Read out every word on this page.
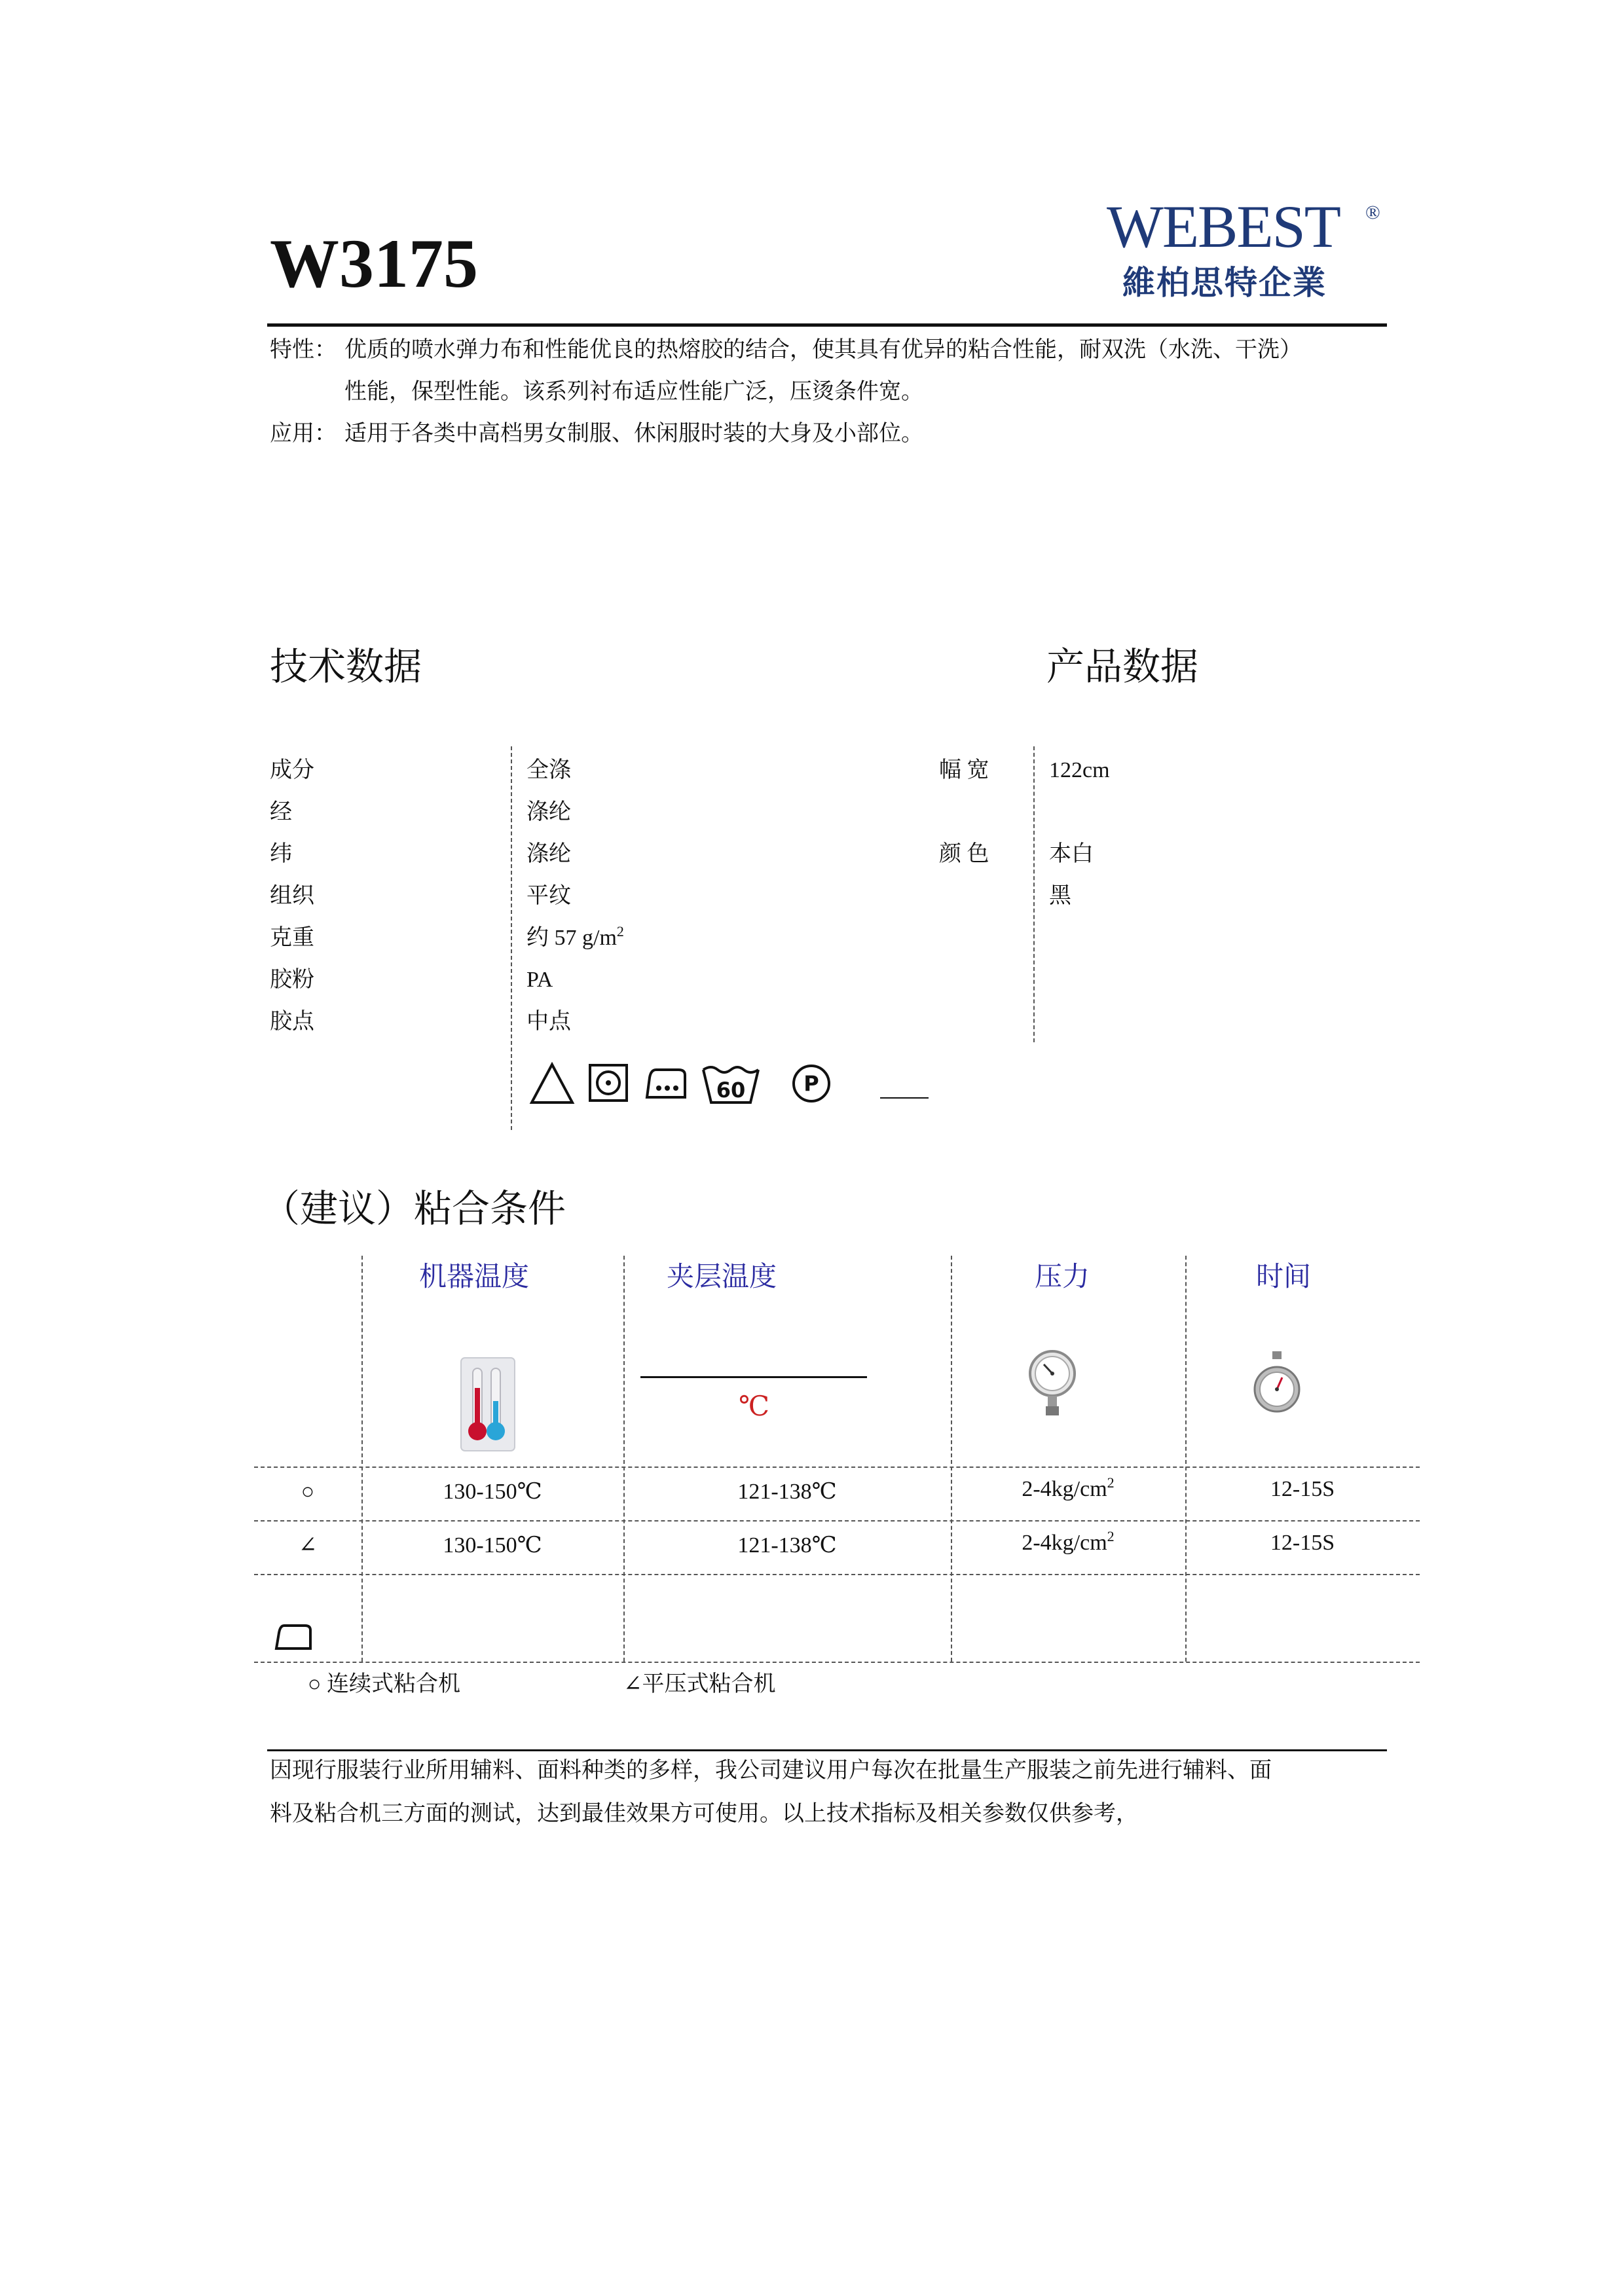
W3175	WEBEST ®
維柏思特企業
特性： 优质的喷水弹力布和性能优良的热熔胶的结合，使其具有优异的粘合性能，耐双洗（水洗、干洗）
性能，保型性能。该系列衬布适应性能广泛，压烫条件宽。
应用： 适用于各类中高档男女制服、休闲服时装的大身及小部位。
技术数据	产品数据
成分	全涤
经	涤纶
纬	涤纶
组织	平纹
克重	约 57 $g/m^2$
胶粉	PA
胶点	中点
幅 宽	122cm
颜 色	本白
黑
60	P
（建议）粘合条件
机器温度	夹层温度	压力	时间
℃
○	130-150℃	121-138℃	$2-4kg/cm^2$	12-15S
∠	130-150℃	121-138℃	$2-4kg/cm^2$	12-15S
○ 连续式粘合机	∠平压式粘合机
因现行服装行业所用辅料、面料种类的多样，我公司建议用户每次在批量生产服装之前先进行辅料、面
料及粘合机三方面的测试，达到最佳效果方可使用。以上技术指标及相关参数仅供参考，
